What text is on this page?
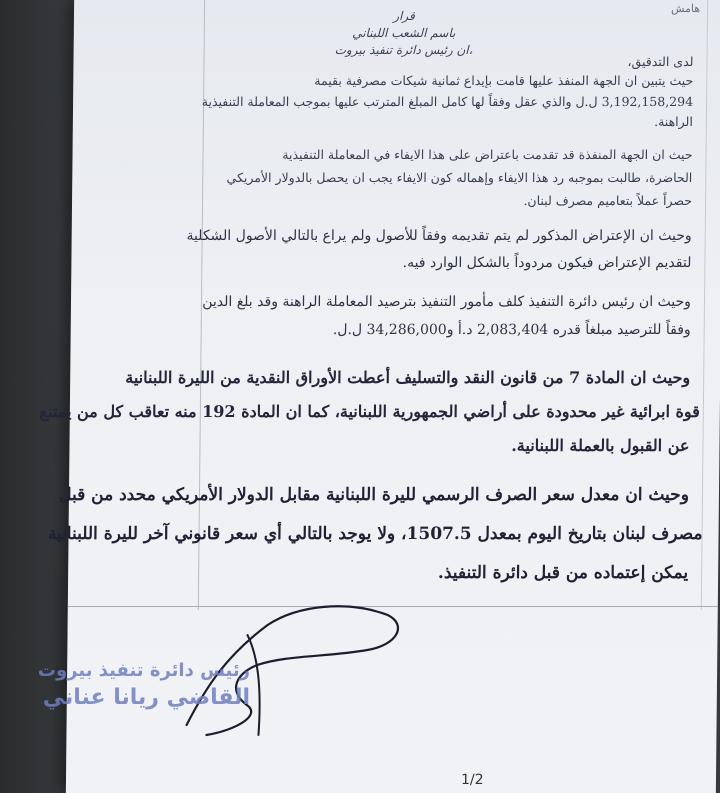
هامش
قرار
باسم الشعب اللبناني
ان رئيس دائرة تنفيذ بيروت،
لدى التدقيق،
حيث يتبين ان الجهة المنفذ عليها قامت بإيداع ثمانية شيكات مصرفية بقيمة
3,192,158,294 ل.ل والذي عقل وفقاً لها كامل المبلغ المترتب عليها بموجب المعاملة التنفيذية
الراهنة.
حيث ان الجهة المنفذة قد تقدمت باعتراض على هذا الايفاء في المعاملة التنفيذية
الحاضرة، طالبت بموجبه رد هذا الايفاء وإهماله كون الايفاء يجب ان يحصل بالدولار الأمريكي
حصراً عملاً بتعاميم مصرف لبنان.
وحيث ان الإعتراض المذكور لم يتم تقديمه وفقاً للأصول ولم يراع بالتالي الأصول الشكلية
لتقديم الإعتراض فيكون مردوداً بالشكل الوارد فيه.
وحيث ان رئيس دائرة التنفيذ كلف مأمور التنفيذ بترصيد المعاملة الراهنة وقد بلغ الدين
وفقاً للترصيد مبلغاً قدره 2,083,404 د.أ و34,286,000 ل.ل.
وحيث ان المادة 7 من قانون النقد والتسليف أعطت الأوراق النقدية من الليرة اللبنانية
قوة ابرائية غير محدودة على أراضي الجمهورية اللبنانية، كما ان المادة 192 منه تعاقب كل من يمتنع
عن القبول بالعملة اللبنانية.
وحيث ان معدل سعر الصرف الرسمي لليرة اللبنانية مقابل الدولار الأمريكي محدد من قبل
مصرف لبنان بتاريخ اليوم بمعدل 1507.5، ولا يوجد بالتالي أي سعر قانوني آخر لليرة اللبنانية
يمكن إعتماده من قبل دائرة التنفيذ.
1/2
رئيس دائرة تنفيذ بيروت
القاضي ريانا عناني
